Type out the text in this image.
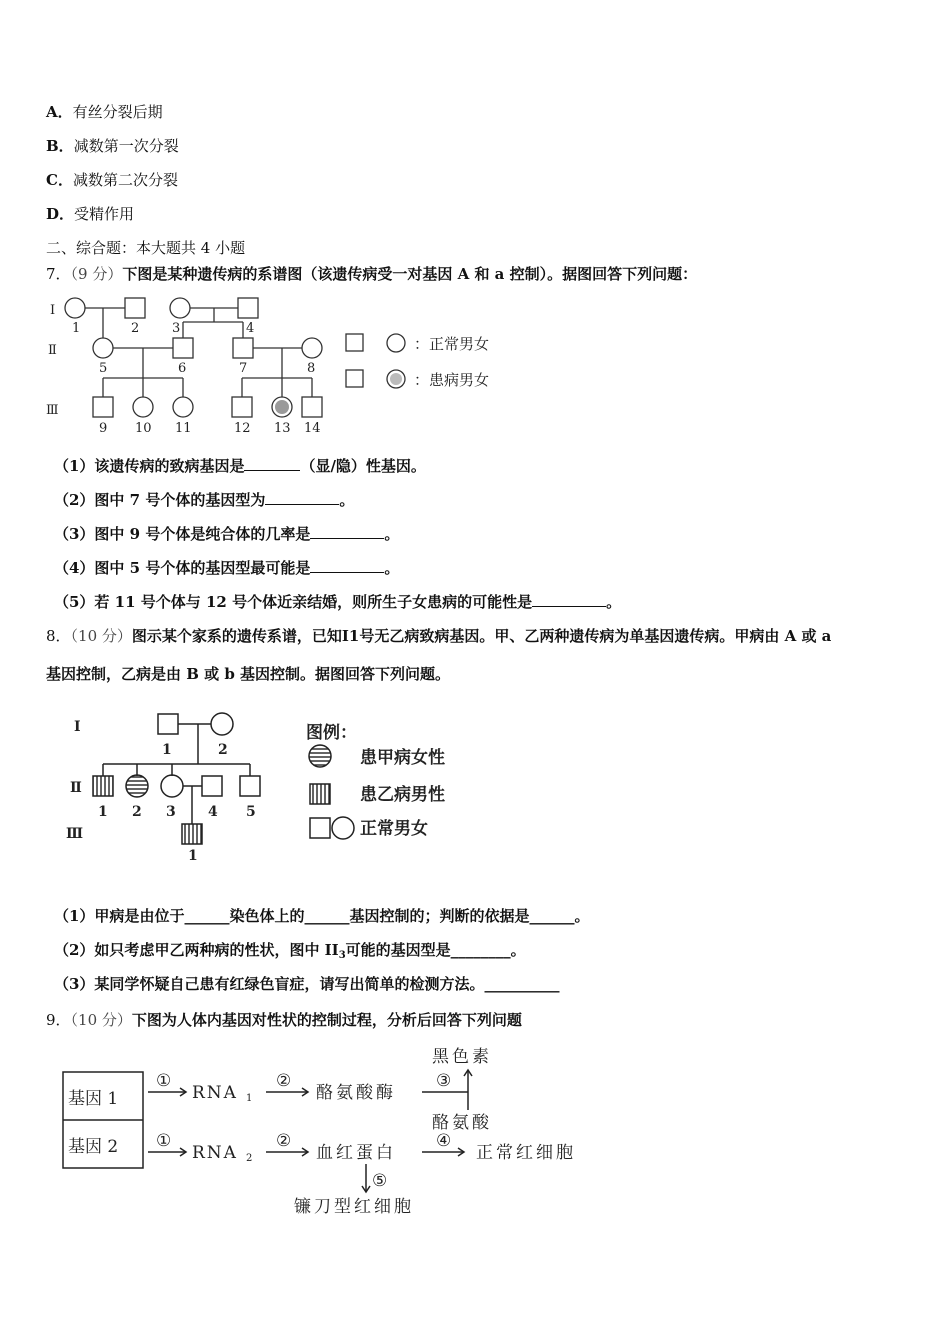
A．有丝分裂后期
B．减数第一次分裂
C．减数第二次分裂
D．受精作用
二、综合题：本大题共 4 小题
7．（9 分）下图是某种遗传病的系谱图（该遗传病受一对基因 A 和 a 控制）。据图回答下列问题：
Ⅰ
Ⅱ
Ⅲ
1	2	3	4
5	6	7	8
9 10 11	12 13 14
：正常男女
：患病男女
（1）该遗传病的致病基因是	（显/隐）性基因。
（2）图中 7 号个体的基因型为	。
（3）图中 9 号个体是纯合体的几率是	。
（4）图中 5 号个体的基因型最可能是	。
（5）若 11 号个体与 12 号个体近亲结婚，则所生子女患病的可能性是	。
8．（10 分）图示某个家系的遗传系谱，已知Ⅰ1号无乙病致病基因。甲、乙两种遗传病为单基因遗传病。甲病由 A 或 a
基因控制，乙病是由 B 或 b 基因控制。据图回答下列问题。
Ⅰ
Ⅱ
Ⅲ
1	2
1 2 3 4 5
1
图例：
患甲病女性
患乙病男性
正常男女
（1）甲病是由位于______染色体上的______基因控制的；判断的依据是______。
（2）如只考虑甲乙两种病的性状，图中 $II_3$可能的基因型是________。
（3）某同学怀疑自己患有红绿色盲症，请写出简单的检测方法。__________
9．（10 分）下图为人体内基因对性状的控制过程，分析后回答下列问题
基因 1
基因 2
RNA 1
RNA 2
酪氨酸酶
黑色素
酪氨酸
血红蛋白	正常红细胞
镰刀型红细胞
①	②	③
①	②	④
⑤
